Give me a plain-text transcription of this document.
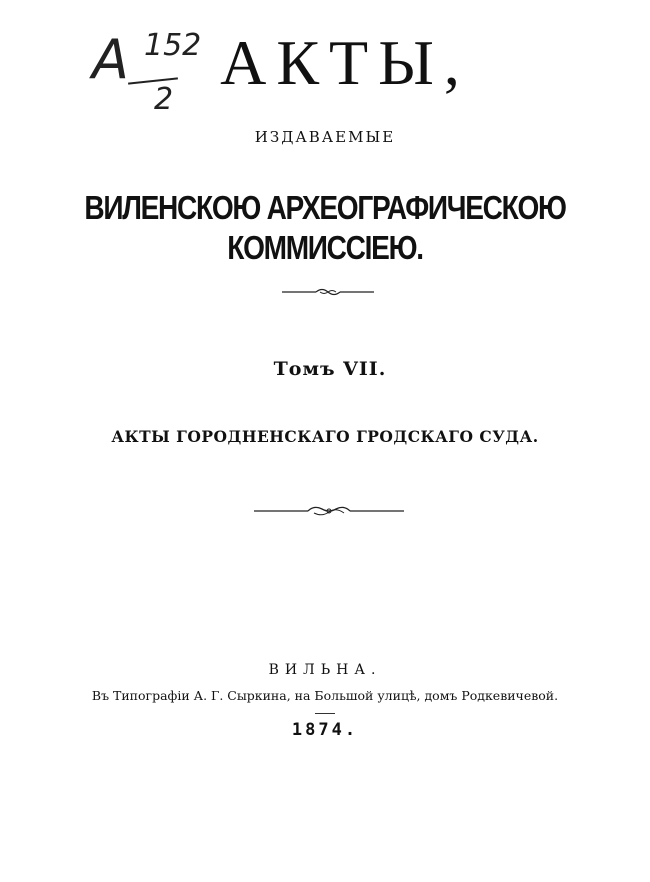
А 152
2
АКТЫ,
ИЗДАВАЕМЫЕ
ВИЛЕНСКОЮ АРХЕОГРАФИЧЕСКОЮ КОММИССІЕЮ.
Томъ VII.
АКТЫ ГОРОДНЕНСКАГО ГРОДСКАГО СУДА.
ВИЛЬНА.
Въ Типографіи А. Г. Сыркина, на Большой улицѣ, домъ Родкевичевой.
1874.
